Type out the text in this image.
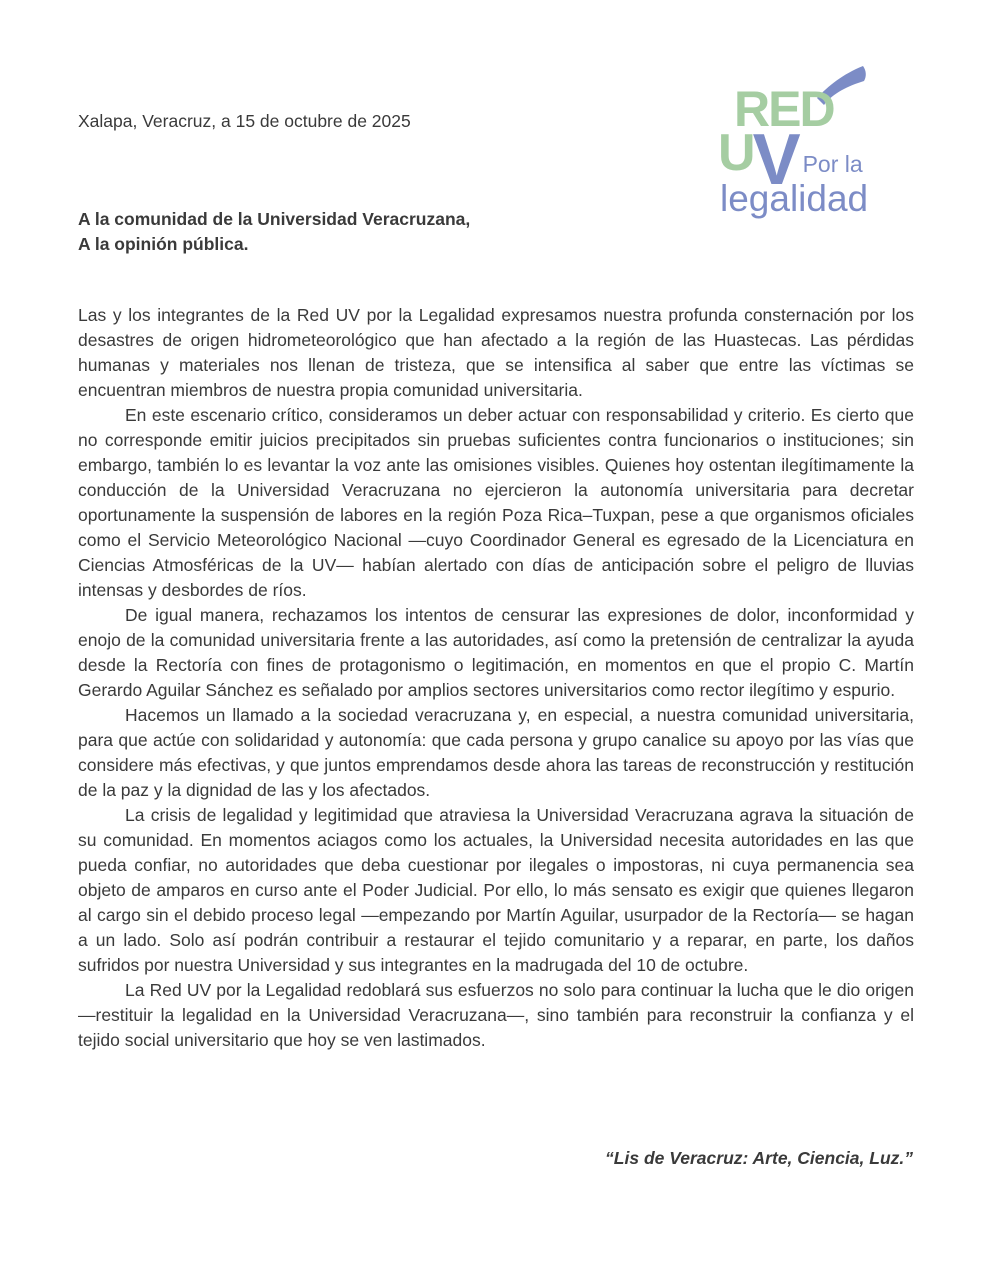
Xalapa, Veracruz, a 15 de octubre de 2025	RED
UVPor la
legalidad
A la comunidad de la Universidad Veracruzana,
A la opinión pública.

Las y los integrantes de la Red UV por la Legalidad expresamos nuestra profunda consternación por los desastres de origen hidrometeorológico que han afectado a la región de las Huastecas. Las pérdidas humanas y materiales nos llenan de tristeza, que se intensifica al saber que entre las víctimas se encuentran miembros de nuestra propia comunidad universitaria.

En este escenario crítico, consideramos un deber actuar con responsabilidad y criterio. Es cierto que no corresponde emitir juicios precipitados sin pruebas suficientes contra funcionarios o instituciones; sin embargo, también lo es levantar la voz ante las omisiones visibles. Quienes hoy ostentan ilegítimamente la conducción de la Universidad Veracruzana no ejercieron la autonomía universitaria para decretar oportunamente la suspensión de labores en la región Poza Rica–Tuxpan, pese a que organismos oficiales como el Servicio Meteorológico Nacional —cuyo Coordinador General es egresado de la Licenciatura en Ciencias Atmosféricas de la UV— habían alertado con días de anticipación sobre el peligro de lluvias intensas y desbordes de ríos.

De igual manera, rechazamos los intentos de censurar las expresiones de dolor, inconformidad y enojo de la comunidad universitaria frente a las autoridades, así como la pretensión de centralizar la ayuda desde la Rectoría con fines de protagonismo o legitimación, en momentos en que el propio C. Martín Gerardo Aguilar Sánchez es señalado por amplios sectores universitarios como rector ilegítimo y espurio.

Hacemos un llamado a la sociedad veracruzana y, en especial, a nuestra comunidad universitaria, para que actúe con solidaridad y autonomía: que cada persona y grupo canalice su apoyo por las vías que considere más efectivas, y que juntos emprendamos desde ahora las tareas de reconstrucción y restitución de la paz y la dignidad de las y los afectados.

La crisis de legalidad y legitimidad que atraviesa la Universidad Veracruzana agrava la situación de su comunidad. En momentos aciagos como los actuales, la Universidad necesita autoridades en las que pueda confiar, no autoridades que deba cuestionar por ilegales o impostoras, ni cuya permanencia sea objeto de amparos en curso ante el Poder Judicial. Por ello, lo más sensato es exigir que quienes llegaron al cargo sin el debido proceso legal —empezando por Martín Aguilar, usurpador de la Rectoría— se hagan a un lado. Solo así podrán contribuir a restaurar el tejido comunitario y a reparar, en parte, los daños sufridos por nuestra Universidad y sus integrantes en la madrugada del 10 de octubre.

La Red UV por la Legalidad redoblará sus esfuerzos no solo para continuar la lucha que le dio origen —restituir la legalidad en la Universidad Veracruzana—, sino también para reconstruir la confianza y el tejido social universitario que hoy se ven lastimados.

“Lis de Veracruz: Arte, Ciencia, Luz.”
